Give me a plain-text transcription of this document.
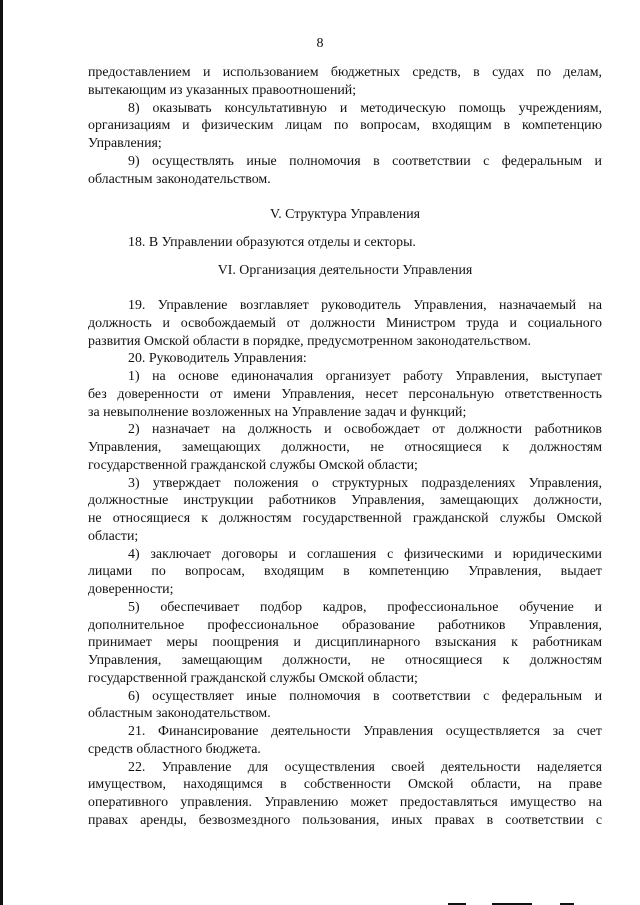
8
предоставлением и использованием бюджетных средств, в судах по делам,
вытекающим из указанных правоотношений;
8) оказывать консультативную и методическую помощь учреждениям,
организациям и физическим лицам по вопросам, входящим в компетенцию
Управления;
9) осуществлять иные полномочия в соответствии с федеральным и
областным законодательством.
V. Структура Управления
18. В Управлении образуются отделы и секторы.
VI. Организация деятельности Управления
19. Управление возглавляет руководитель Управления, назначаемый на
должность и освобождаемый от должности Министром труда и социального
развития Омской области в порядке, предусмотренном законодательством.
20. Руководитель Управления:
1) на основе единоначалия организует работу Управления, выступает
без доверенности от имени Управления, несет персональную ответственность
за невыполнение возложенных на Управление задач и функций;
2) назначает на должность и освобождает от должности работников
Управления, замещающих должности, не относящиеся к должностям
государственной гражданской службы Омской области;
3) утверждает положения о структурных подразделениях Управления,
должностные инструкции работников Управления, замещающих должности,
не относящиеся к должностям государственной гражданской службы Омской
области;
4) заключает договоры и соглашения с физическими и юридическими
лицами по вопросам, входящим в компетенцию Управления, выдает
доверенности;
5) обеспечивает подбор кадров, профессиональное обучение и
дополнительное профессиональное образование работников Управления,
принимает меры поощрения и дисциплинарного взыскания к работникам
Управления, замещающим должности, не относящиеся к должностям
государственной гражданской службы Омской области;
6) осуществляет иные полномочия в соответствии с федеральным и
областным законодательством.
21. Финансирование деятельности Управления осуществляется за счет
средств областного бюджета.
22. Управление для осуществления своей деятельности наделяется
имуществом, находящимся в собственности Омской области, на праве
оперативного управления. Управлению может предоставляться имущество на
правах аренды, безвозмездного пользования, иных правах в соответствии с
